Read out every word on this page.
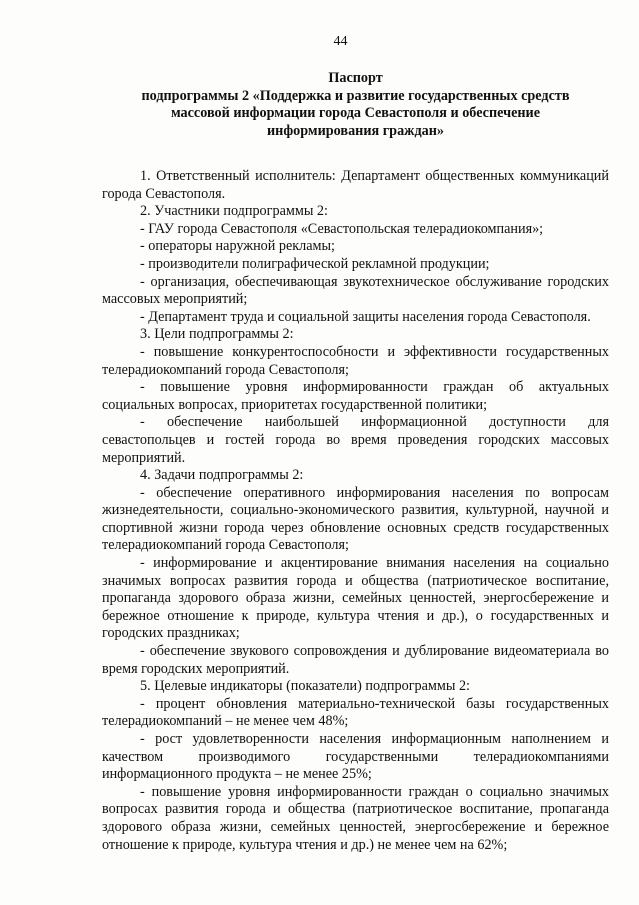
44
Паспорт
подпрограммы 2 «Поддержка и развитие государственных средств
массовой информации города Севастополя и обеспечение
информирования граждан»

1. Ответственный исполнитель: Департамент общественных коммуникаций города Севастополя.

2. Участники подпрограммы 2:

- ГАУ города Севастополя «Севастопольская телерадиокомпания»;

- операторы наружной рекламы;

- производители полиграфической рекламной продукции;

- организация, обеспечивающая звукотехническое обслуживание городских массовых мероприятий;

- Департамент труда и социальной защиты населения города Севастополя.

3. Цели подпрограммы 2:

- повышение конкурентоспособности и эффективности государственных телерадиокомпаний города Севастополя;

- повышение уровня информированности граждан об актуальных социальных вопросах, приоритетах государственной политики;

- обеспечение наибольшей информационной доступности для севастопольцев и гостей города во время проведения городских массовых мероприятий.

4. Задачи подпрограммы 2:

- обеспечение оперативного информирования населения по вопросам жизнедеятельности, социально-экономического развития, культурной, научной и спортивной жизни города через обновление основных средств государственных телерадиокомпаний города Севастополя;

- информирование и акцентирование внимания населения на социально значимых вопросах развития города и общества (патриотическое воспитание, пропаганда здорового образа жизни, семейных ценностей, энергосбережение и бережное отношение к природе, культура чтения и др.), о государственных и городских праздниках;

- обеспечение звукового сопровождения и дублирование видеоматериала во время городских мероприятий.

5. Целевые индикаторы (показатели) подпрограммы 2:

- процент обновления материально-технической базы государственных телерадиокомпаний – не менее чем 48%;

- рост удовлетворенности населения информационным наполнением и качеством производимого государственными телерадиокомпаниями информационного продукта – не менее 25%;

- повышение уровня информированности граждан о социально значимых вопросах развития города и общества (патриотическое воспитание, пропаганда здорового образа жизни, семейных ценностей, энергосбережение и бережное отношение к природе, культура чтения и др.) не менее чем на 62%;
